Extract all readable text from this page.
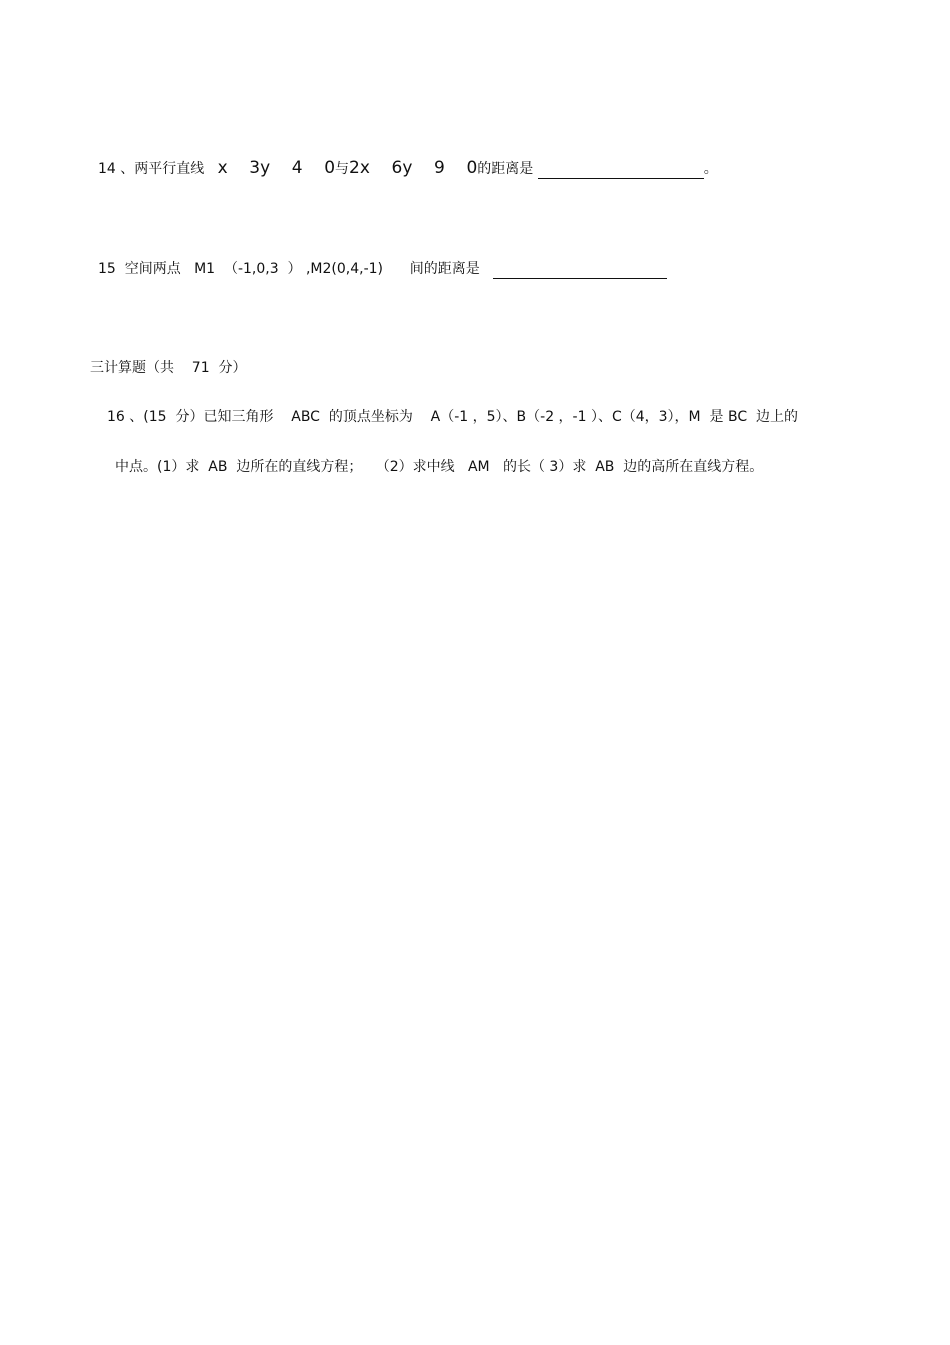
14 、两平行直线 x    3y    4    0与2x    6y    9    0的距离是	。
15  空间两点   M1  （-1,0,3  ） ,M2(0,4,-1)      间的距离是
三计算题（共    71  分）
16 、(15  分）已知三角形    ABC  的顶点坐标为    A（-1 ，5）、B（-2 ，-1 ）、C（4，3），M  是 BC  边上的
中点。(1）求  AB  边所在的直线方程；   （2）求中线   AM   的长（ 3）求  AB  边的高所在直线方程。
